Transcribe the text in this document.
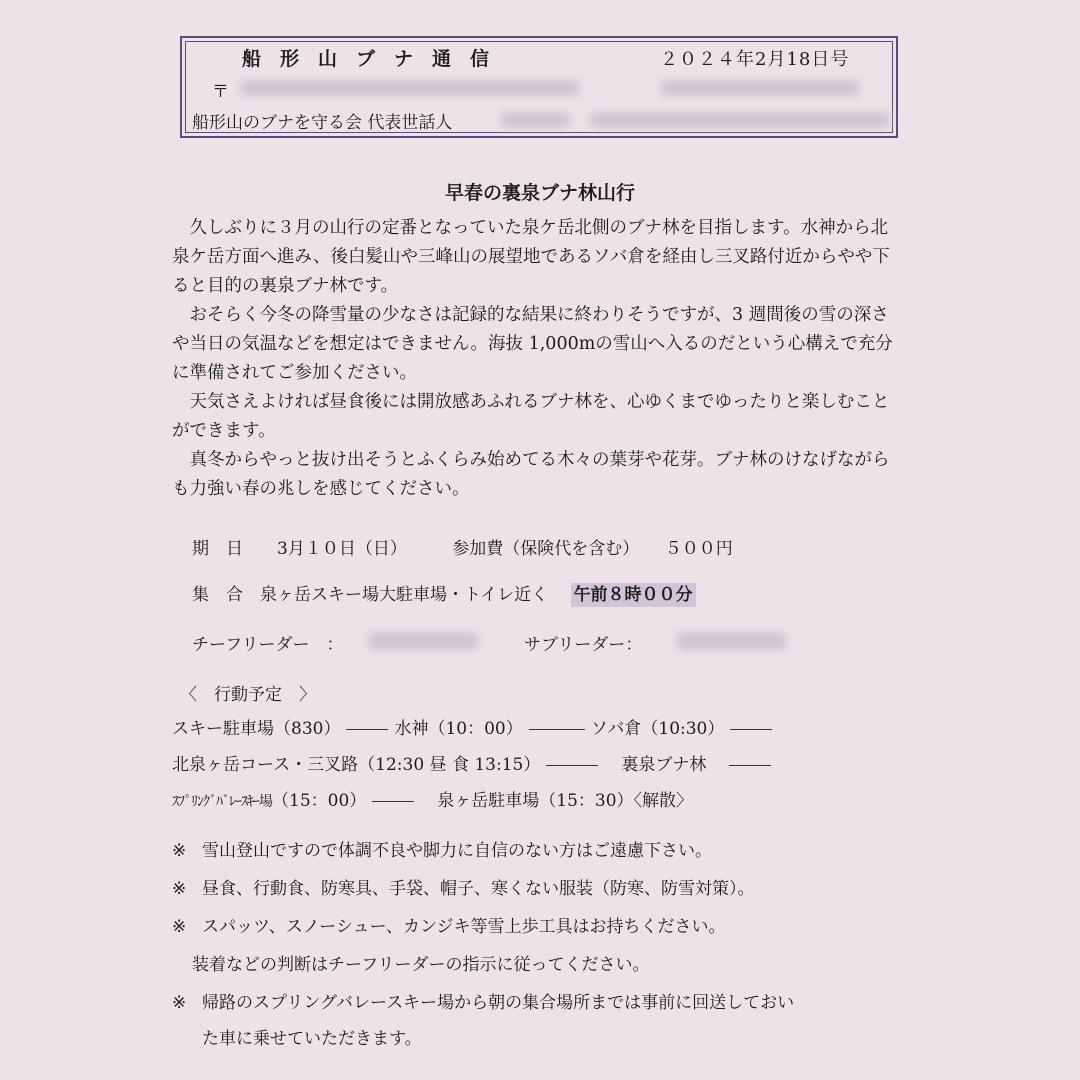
船形山ブナ通信	２０２４年2月18日号
〒
船形山のブナを守る会 代表世話人
早春の裏泉ブナ林山行

久しぶりに３月の山行の定番となっていた泉ケ岳北側のブナ林を目指します。水神から北泉ケ岳方面へ進み、後白髪山や三峰山の展望地であるソバ倉を経由し三叉路付近からやや下ると目的の裏泉ブナ林です。

おそらく今冬の降雪量の少なさは記録的な結果に終わりそうですが、3 週間後の雪の深さや当日の気温などを想定はできません。海抜 1,000mの雪山へ入るのだという心構えで充分に準備されてご参加ください。

天気さえよければ昼食後には開放感あふれるブナ林を、心ゆくまでゆったりと楽しむことができます。

真冬からやっと抜け出そうとふくらみ始めてる木々の葉芽や花芽。ブナ林のけなげながらも力強い春の兆しを感じてください。

期　日　　 3月１０日（日）	参加費（保険代を含む）　　 ５００円
集　合　 泉ヶ岳スキー場大駐車場・トイレ近く　 午前８時００分
チーフリーダー　：	サブリーダー：
〈　行動予定　〉
スキー駐車場（830）	水神（10：00）	ソバ倉（10:30）
北泉ヶ岳コース・三叉路（12:30 昼 食 13:15）　	裏泉ブナ林　
ｽﾌﾟﾘﾝｸﾞﾊﾞﾚｰｽｷｰ場（15：00）　	泉ヶ岳駐車場（15：30）〈解散〉
※ 雪山登山ですので体調不良や脚力に自信のない方はご遠慮下さい。
※ 昼食、行動食、防寒具、手袋、帽子、寒くない服装（防寒、防雪対策）。
※ スパッツ、スノーシュー、カンジキ等雪上歩工具はお持ちください。
装着などの判断はチーフリーダーの指示に従ってください。
※ 帰路のスプリングバレースキー場から朝の集合場所までは事前に回送しておい
た車に乗せていただきます。
